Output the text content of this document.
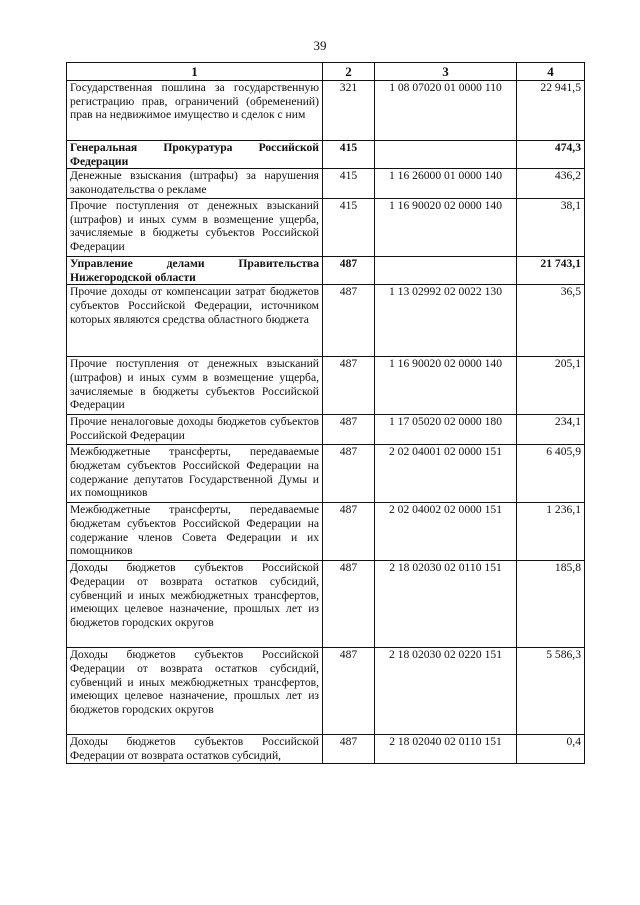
39
1	2	3	4
Государственная пошлина за государственную регистрацию прав, ограничений (обременений) прав на недвижимое имущество и сделок с ним	321	1 08 07020 01 0000 110	22 941,5
Генеральная Прокуратура Российской Федерации	415		474,3
Денежные взыскания (штрафы) за нарушения законодательства о рекламе	415	1 16 26000 01 0000 140	436,2
Прочие поступления от денежных взысканий (штрафов) и иных сумм в возмещение ущерба, зачисляемые в бюджеты субъектов Российской Федерации	415	1 16 90020 02 0000 140	38,1
Управление делами Правительства Нижегородской области	487		21 743,1
Прочие доходы от компенсации затрат бюджетов субъектов Российской Федерации, источником которых являются средства областного бюджета	487	1 13 02992 02 0022 130	36,5
Прочие поступления от денежных взысканий (штрафов) и иных сумм в возмещение ущерба, зачисляемые в бюджеты субъектов Российской Федерации	487	1 16 90020 02 0000 140	205,1
Прочие неналоговые доходы бюджетов субъектов Российской Федерации	487	1 17 05020 02 0000 180	234,1
Межбюджетные трансферты, передаваемые бюджетам субъектов Российской Федерации на содержание депутатов Государственной Думы и их помощников	487	2 02 04001 02 0000 151	6 405,9
Межбюджетные трансферты, передаваемые бюджетам субъектов Российской Федерации на содержание членов Совета Федерации и их помощников	487	2 02 04002 02 0000 151	1 236,1
Доходы бюджетов субъектов Российской Федерации от возврата остатков субсидий, субвенций и иных межбюджетных трансфертов, имеющих целевое назначение, прошлых лет из бюджетов городских округов	487	2 18 02030 02 0110 151	185,8
Доходы бюджетов субъектов Российской Федерации от возврата остатков субсидий, субвенций и иных межбюджетных трансфертов, имеющих целевое назначение, прошлых лет из бюджетов городских округов	487	2 18 02030 02 0220 151	5 586,3
Доходы бюджетов субъектов Российской Федерации от возврата остатков субсидий,	487	2 18 02040 02 0110 151	0,4
